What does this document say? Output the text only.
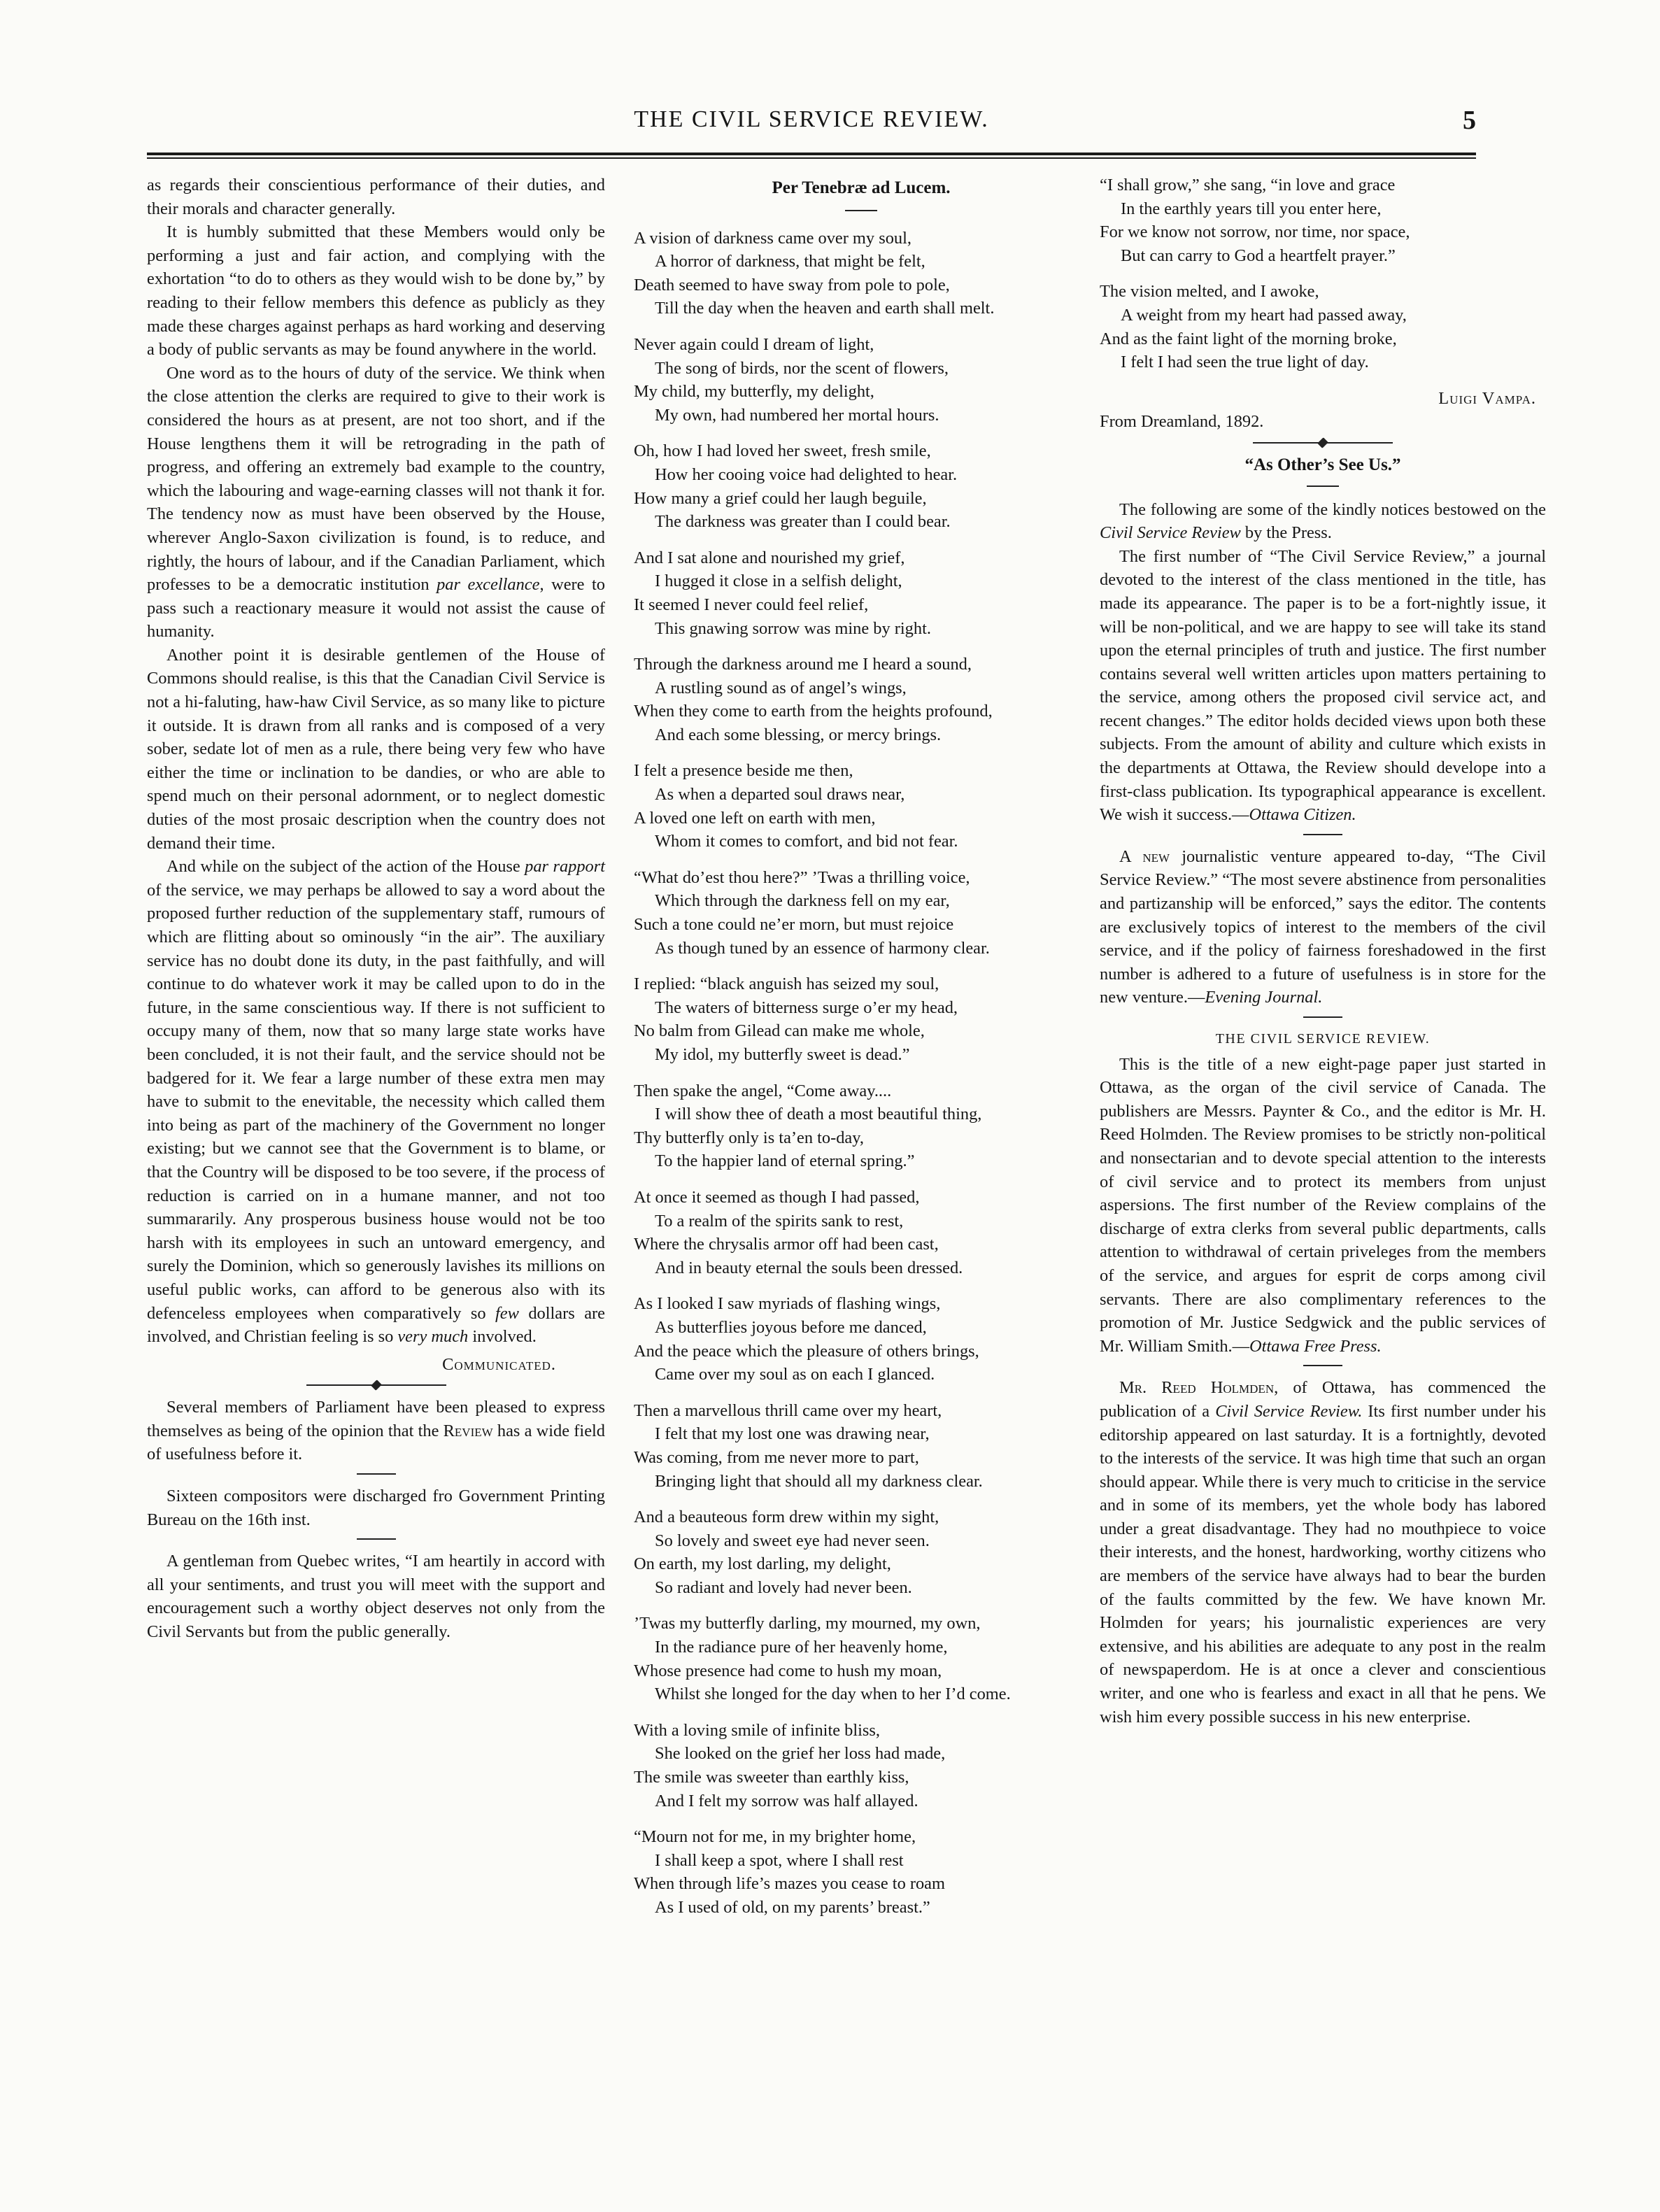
THE CIVIL SERVICE REVIEW.	5

as regards their conscientious performance of their duties, and their morals and character generally.

It is humbly submitted that these Members would only be performing a just and fair action, and complying with the exhortation “to do to others as they would wish to be done by,” by reading to their fellow members this defence as publicly as they made these charges against perhaps as hard working and deserving a body of public servants as may be found anywhere in the world.

One word as to the hours of duty of the service. We think when the close attention the clerks are required to give to their work is considered the hours as at present, are not too short, and if the House lengthens them it will be retrograding in the path of progress, and offering an extremely bad example to the country, which the labouring and wage-earning classes will not thank it for. The tendency now as must have been observed by the House, wherever Anglo-Saxon civilization is found, is to reduce, and rightly, the hours of labour, and if the Canadian Parliament, which professes to be a democratic institution par excellance, were to pass such a reactionary measure it would not assist the cause of humanity.

Another point it is desirable gentlemen of the House of Commons should realise, is this that the Canadian Civil Service is not a hi-faluting, haw-haw Civil Service, as so many like to picture it outside. It is drawn from all ranks and is composed of a very sober, sedate lot of men as a rule, there being very few who have either the time or inclination to be dandies, or who are able to spend much on their personal adornment, or to neglect domestic duties of the most prosaic description when the country does not demand their time.

And while on the subject of the action of the House par rapport of the service, we may perhaps be allowed to say a word about the proposed further reduction of the supplementary staff, rumours of which are flitting about so ominously “in the air”. The auxiliary service has no doubt done its duty, in the past faithfully, and will continue to do whatever work it may be called upon to do in the future, in the same conscientious way. If there is not sufficient to occupy many of them, now that so many large state works have been concluded, it is not their fault, and the service should not be badgered for it. We fear a large number of these extra men may have to submit to the enevitable, the necessity which called them into being as part of the machinery of the Government no longer existing; but we cannot see that the Government is to blame, or that the Country will be disposed to be too severe, if the process of reduction is carried on in a humane manner, and not too summararily. Any prosperous business house would not be too harsh with its employees in such an untoward emergency, and surely the Dominion, which so generously lavishes its millions on useful public works, can afford to be generous also with its defenceless employees when comparatively so few dollars are involved, and Christian feeling is so very much involved.

Communicated.

Several members of Parliament have been pleased to express themselves as being of the opinion that the Review has a wide field of usefulness before it.

Sixteen compositors were discharged fro Government Printing Bureau on the 16th inst.

A gentleman from Quebec writes, “I am heartily in accord with all your sentiments, and trust you will meet with the support and encouragement such a worthy object deserves not only from the Civil Servants but from the public generally.

Per Tenebræ ad Lucem.

A vision of darkness came over my soul,
A horror of darkness, that might be felt,
Death seemed to have sway from pole to pole,
Till the day when the heaven and earth shall melt.
Never again could I dream of light,
The song of birds, nor the scent of flowers,
My child, my butterfly, my delight,
My own, had numbered her mortal hours.
Oh, how I had loved her sweet, fresh smile,
How her cooing voice had delighted to hear.
How many a grief could her laugh beguile,
The darkness was greater than I could bear.
And I sat alone and nourished my grief,
I hugged it close in a selfish delight,
It seemed I never could feel relief,
This gnawing sorrow was mine by right.
Through the darkness around me I heard a sound,
A rustling sound as of angel’s wings,
When they come to earth from the heights profound,
And each some blessing, or mercy brings.
I felt a presence beside me then,
As when a departed soul draws near,
A loved one left on earth with men,
Whom it comes to comfort, and bid not fear.
“What do’est thou here?” ’Twas a thrilling voice,
Which through the darkness fell on my ear,
Such a tone could ne’er morn, but must rejoice
As though tuned by an essence of harmony clear.
I replied: “black anguish has seized my soul,
The waters of bitterness surge o’er my head,
No balm from Gilead can make me whole,
My idol, my butterfly sweet is dead.”
Then spake the angel, “Come away....
I will show thee of death a most beautiful thing,
Thy butterfly only is ta’en to-day,
To the happier land of eternal spring.”
At once it seemed as though I had passed,
To a realm of the spirits sank to rest,
Where the chrysalis armor off had been cast,
And in beauty eternal the souls been dressed.
As I looked I saw myriads of flashing wings,
As butterflies joyous before me danced,
And the peace which the pleasure of others brings,
Came over my soul as on each I glanced.
Then a marvellous thrill came over my heart,
I felt that my lost one was drawing near,
Was coming, from me never more to part,
Bringing light that should all my darkness clear.
And a beauteous form drew within my sight,
So lovely and sweet eye had never seen.
On earth, my lost darling, my delight,
So radiant and lovely had never been.
’Twas my butterfly darling, my mourned, my own,
In the radiance pure of her heavenly home,
Whose presence had come to hush my moan,
Whilst she longed for the day when to her I’d come.
With a loving smile of infinite bliss,
She looked on the grief her loss had made,
The smile was sweeter than earthly kiss,
And I felt my sorrow was half allayed.
“Mourn not for me, in my brighter home,
I shall keep a spot, where I shall rest
When through life’s mazes you cease to roam
As I used of old, on my parents’ breast.”
“I shall grow,” she sang, “in love and grace
In the earthly years till you enter here,
For we know not sorrow, nor time, nor space,
But can carry to God a heartfelt prayer.”
The vision melted, and I awoke,
A weight from my heart had passed away,
And as the faint light of the morning broke,
I felt I had seen the true light of day.

Luigi Vampa.

From Dreamland, 1892.

“As Other’s See Us.”

The following are some of the kindly notices bestowed on the Civil Service Review by the Press.

The first number of “The Civil Service Review,” a journal devoted to the interest of the class mentioned in the title, has made its appearance. The paper is to be a fort-nightly issue, it will be non-political, and we are happy to see will take its stand upon the eternal principles of truth and justice. The first number contains several well written articles upon matters pertaining to the service, among others the proposed civil service act, and recent changes.” The editor holds decided views upon both these subjects. From the amount of ability and culture which exists in the departments at Ottawa, the Review should develope into a first-class publication. Its typographical appearance is excellent. We wish it success.—Ottawa Citizen.

A new journalistic venture appeared to-day, “The Civil Service Review.” “The most severe abstinence from personalities and partizanship will be enforced,” says the editor. The contents are exclusively topics of interest to the members of the civil service, and if the policy of fairness foreshadowed in the first number is adhered to a future of usefulness is in store for the new venture.—Evening Journal.

THE CIVIL SERVICE REVIEW.

This is the title of a new eight-page paper just started in Ottawa, as the organ of the civil service of Canada. The publishers are Messrs. Paynter & Co., and the editor is Mr. H. Reed Holmden. The Review promises to be strictly non-political and nonsectarian and to devote special attention to the interests of civil service and to protect its members from unjust aspersions. The first number of the Review complains of the discharge of extra clerks from several public departments, calls attention to withdrawal of certain priveleges from the members of the service, and argues for esprit de corps among civil servants. There are also complimentary references to the promotion of Mr. Justice Sedgwick and the public services of Mr. William Smith.—Ottawa Free Press.

Mr. Reed Holmden, of Ottawa, has commenced the publication of a Civil Service Review. Its first number under his editorship appeared on last saturday. It is a fortnightly, devoted to the interests of the service. It was high time that such an organ should appear. While there is very much to criticise in the service and in some of its members, yet the whole body has labored under a great disadvantage. They had no mouthpiece to voice their interests, and the honest, hardworking, worthy citizens who are members of the service have always had to bear the burden of the faults committed by the few. We have known Mr. Holmden for years; his journalistic experiences are very extensive, and his abilities are adequate to any post in the realm of newspaperdom. He is at once a clever and conscientious writer, and one who is fearless and exact in all that he pens. We wish him every possible success in his new enterprise.
